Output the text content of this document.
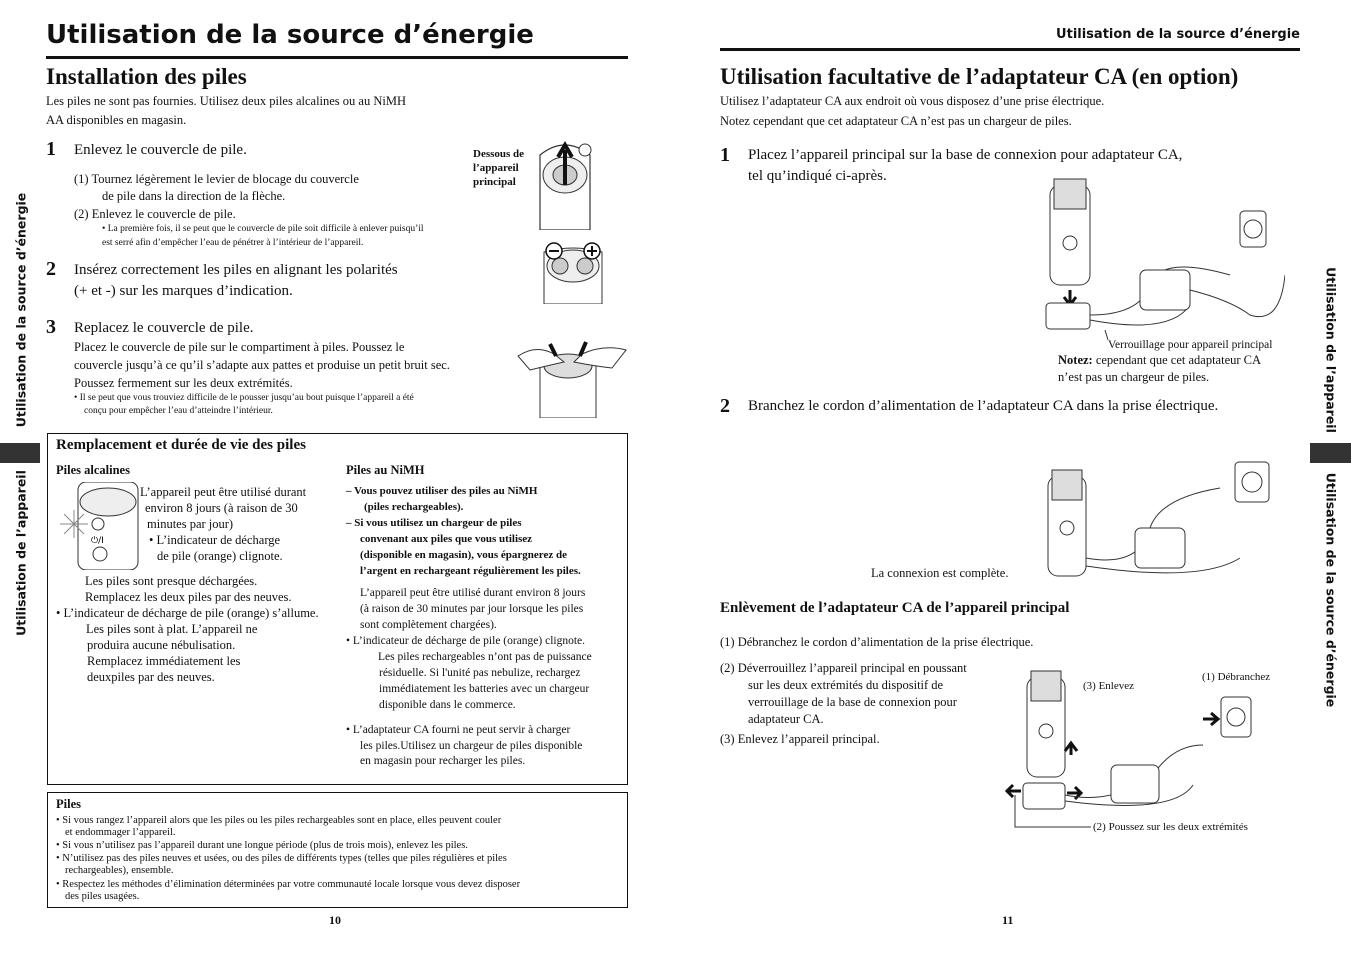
Utilisation de la source d’énergie
Installation des piles
Les piles ne sont pas fournies. Utilisez deux piles alcalines ou au NiMH
AA disponibles en magasin.
1 Enlevez le couvercle de pile.
(1) Tournez légèrement le levier de blocage du couvercle
de pile dans la direction de la flèche.
(2) Enlevez le couvercle de pile.
• La première fois, il se peut que le couvercle de pile soit difficile à enlever puisqu’il
est serré afin d’empêcher l’eau de pénétrer à l’intérieur de l’appareil.
Dessous de
l’appareil
principal
2 Insérez correctement les piles en alignant les polarités
(+ et -) sur les marques d’indication.
3 Replacez le couvercle de pile.
Placez le couvercle de pile sur le compartiment à piles. Poussez le
couvercle jusqu’à ce qu’il s’adapte aux pattes et produise un petit bruit sec.
Poussez fermement sur les deux extrémités.
• Il se peut que vous trouviez difficile de le pousser jusqu’au bout puisque l’appareil a été
conçu pour empêcher l’eau d’atteindre l’intérieur.
Remplacement et durée de vie des piles
Piles alcalines
⏻/I
L’appareil peut être utilisé durant
environ 8 jours (à raison de 30
minutes par jour)
• L’indicateur de décharge
de pile (orange) clignote.
Les piles sont presque déchargées.
Remplacez les deux piles par des neuves.
• L’indicateur de décharge de pile (orange) s’allume.
Les piles sont à plat. L’appareil ne
produira aucune nébulisation.
Remplacez immédiatement les
deuxpiles par des neuves.
Piles au NiMH
– Vous pouvez utiliser des piles au NiMH
(piles rechargeables).
– Si vous utilisez un chargeur de piles
convenant aux piles que vous utilisez
(disponible en magasin), vous épargnerez de
l’argent en rechargeant régulièrement les piles.
L’appareil peut être utilisé durant environ 8 jours
(à raison de 30 minutes par jour lorsque les piles
sont complètement chargées).
• L’indicateur de décharge de pile (orange) clignote.
Les piles rechargeables n’ont pas de puissance
résiduelle. Si l'unité pas nebulize, rechargez
immédiatement les batteries avec un chargeur
disponible dans le commerce.
• L’adaptateur CA fourni ne peut servir à charger
les piles.Utilisez un chargeur de piles disponible
en magasin pour recharger les piles.
Piles
• Si vous rangez l’appareil alors que les piles ou les piles rechargeables sont en place, elles peuvent couler
et endommager l’appareil.
• Si vous n’utilisez pas l’appareil durant une longue période (plus de trois mois), enlevez les piles.
• N’utilisez pas des piles neuves et usées, ou des piles de différents types (telles que piles régulières et piles
rechargeables), ensemble.
• Respectez les méthodes d’élimination déterminées par votre communauté locale lorsque vous devez disposer
des piles usagées.
10
Utilisation de la source d’énergie
Utilisation de l’appareil
Utilisation de la source d’énergie
Utilisation facultative de l’adaptateur CA (en option)
Utilisez l’adaptateur CA aux endroit où vous disposez d’une prise électrique.
Notez cependant que cet adaptateur CA n’est pas un chargeur de piles.
1 Placez l’appareil principal sur la base de connexion pour adaptateur CA,
tel qu’indiqué ci-après.
Verrouillage pour appareil principal
Notez: cependant que cet adaptateur CA
n’est pas un chargeur de piles.
2 Branchez le cordon d’alimentation de l’adaptateur CA dans la prise électrique.
La connexion est complète.
Enlèvement de l’adaptateur CA de l’appareil principal
(1) Débranchez le cordon d’alimentation de la prise électrique.
(2) Déverrouillez l’appareil principal en poussant
sur les deux extrémités du dispositif de
verrouillage de la base de connexion pour
adaptateur CA.
(3) Enlevez l’appareil principal.
(3) Enlevez
(1) Débranchez
(2) Poussez sur les deux extrémités
11
Utilisation de l’appareil
Utilisation de la source d’énergie
